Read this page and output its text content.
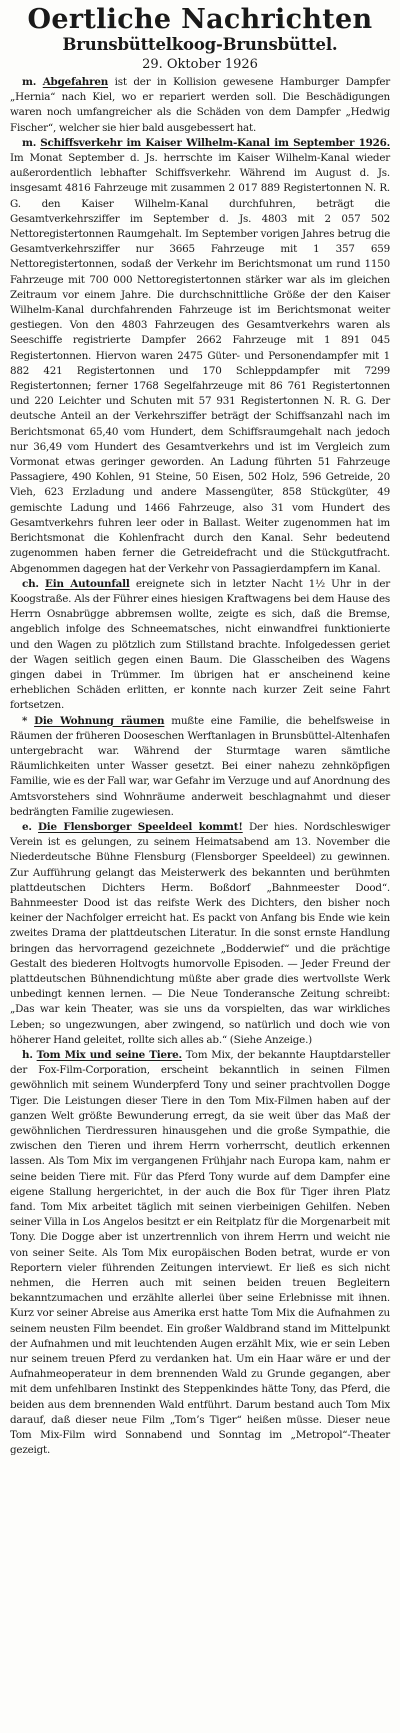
Oertliche Nachrichten
Brunsbüttelkoog-Brunsbüttel.
29. Oktober 1926

m. Abgefahren ist der in Kollision gewesene Hamburger Dampfer „Hernia“ nach Kiel, wo er repariert werden soll. Die Beschädigungen waren noch umfangreicher als die Schäden von dem Dampfer „Hedwig Fischer“, welcher sie hier bald ausgebessert hat.

m. Schiffsverkehr im Kaiser Wilhelm-Kanal im September 1926. Im Monat September d. Js. herrschte im Kaiser Wilhelm-Kanal wieder außerordentlich lebhafter Schiffsverkehr. Während im August d. Js. insgesamt 4816 Fahrzeuge mit zusammen 2 017 889 Registertonnen N. R. G. den Kaiser Wilhelm-Kanal durchfuhren, beträgt die Gesamtverkehrsziffer im September d. Js. 4803 mit 2 057 502 Nettoregistertonnen Raumgehalt. Im September vorigen Jahres betrug die Gesamtverkehrsziffer nur 3665 Fahrzeuge mit 1 357 659 Nettoregistertonnen, sodaß der Verkehr im Berichtsmonat um rund 1150 Fahrzeuge mit 700 000 Nettoregistertonnen stärker war als im gleichen Zeitraum vor einem Jahre. Die durchschnittliche Größe der den Kaiser Wilhelm-Kanal durchfahrenden Fahrzeuge ist im Berichtsmonat weiter gestiegen. Von den 4803 Fahrzeugen des Gesamtverkehrs waren als Seeschiffe registrierte Dampfer 2662 Fahrzeuge mit 1 891 045 Registertonnen. Hiervon waren 2475 Güter- und Personendampfer mit 1 882 421 Registertonnen und 170 Schleppdampfer mit 7299 Registertonnen; ferner 1768 Segelfahrzeuge mit 86 761 Registertonnen und 220 Leichter und Schuten mit 57 931 Registertonnen N. R. G. Der deutsche Anteil an der Verkehrsziffer beträgt der Schiffsanzahl nach im Berichtsmonat 65,40 vom Hundert, dem Schiffsraumgehalt nach jedoch nur 36,49 vom Hundert des Gesamtverkehrs und ist im Vergleich zum Vormonat etwas geringer geworden. An Ladung führten 51 Fahrzeuge Passagiere, 490 Kohlen, 91 Steine, 50 Eisen, 502 Holz, 596 Getreide, 20 Vieh, 623 Erzladung und andere Massengüter, 858 Stückgüter, 49 gemischte Ladung und 1466 Fahrzeuge, also 31 vom Hundert des Gesamtverkehrs fuhren leer oder in Ballast. Weiter zugenommen hat im Berichtsmonat die Kohlenfracht durch den Kanal. Sehr bedeutend zugenommen haben ferner die Getreidefracht und die Stückgutfracht. Abgenommen dagegen hat der Verkehr von Passagierdampfern im Kanal.

ch. Ein Autounfall ereignete sich in letzter Nacht 1½ Uhr in der Koogstraße. Als der Führer eines hiesigen Kraftwagens bei dem Hause des Herrn Osnabrügge abbremsen wollte, zeigte es sich, daß die Bremse, angeblich infolge des Schneematsches, nicht einwandfrei funktionierte und den Wagen zu plötzlich zum Stillstand brachte. Infolgedessen geriet der Wagen seitlich gegen einen Baum. Die Glasscheiben des Wagens gingen dabei in Trümmer. Im übrigen hat er anscheinend keine erheblichen Schäden erlitten, er konnte nach kurzer Zeit seine Fahrt fortsetzen.

* Die Wohnung räumen mußte eine Familie, die behelfsweise in Räumen der früheren Dooseschen Werftanlagen in Brunsbüttel-Altenhafen untergebracht war. Während der Sturmtage waren sämtliche Räumlichkeiten unter Wasser gesetzt. Bei einer nahezu zehnköpfigen Familie, wie es der Fall war, war Gefahr im Verzuge und auf Anordnung des Amtsvorstehers sind Wohnräume anderweit beschlagnahmt und dieser bedrängten Familie zugewiesen.

e. Die Flensborger Speeldeel kommt! Der hies. Nordschleswiger Verein ist es gelungen, zu seinem Heimatsabend am 13. November die Niederdeutsche Bühne Flensburg (Flensborger Speeldeel) zu gewinnen. Zur Aufführung gelangt das Meisterwerk des bekannten und berühmten plattdeutschen Dichters Herm. Boßdorf „Bahnmeester Dood“. Bahnmeester Dood ist das reifste Werk des Dichters, den bisher noch keiner der Nachfolger erreicht hat. Es packt von Anfang bis Ende wie kein zweites Drama der plattdeutschen Literatur. In die sonst ernste Handlung bringen das hervorragend gezeichnete „Bodderwief“ und die prächtige Gestalt des biederen Holtvogts humorvolle Episoden. — Jeder Freund der plattdeutschen Bühnendichtung müßte aber grade dies wertvollste Werk unbedingt kennen lernen. — Die Neue Tonderansche Zeitung schreibt: „Das war kein Theater, was sie uns da vorspielten, das war wirkliches Leben; so ungezwungen, aber zwingend, so natürlich und doch wie von höherer Hand geleitet, rollte sich alles ab.“ (Siehe Anzeige.)

h. Tom Mix und seine Tiere. Tom Mix, der bekannte Hauptdarsteller der Fox-Film-Corporation, erscheint bekanntlich in seinen Filmen gewöhnlich mit seinem Wunderpferd Tony und seiner prachtvollen Dogge Tiger. Die Leistungen dieser Tiere in den Tom Mix-Filmen haben auf der ganzen Welt größte Bewunderung erregt, da sie weit über das Maß der gewöhnlichen Tierdressuren hinausgehen und die große Sympathie, die zwischen den Tieren und ihrem Herrn vorherrscht, deutlich erkennen lassen. Als Tom Mix im vergangenen Frühjahr nach Europa kam, nahm er seine beiden Tiere mit. Für das Pferd Tony wurde auf dem Dampfer eine eigene Stallung hergerichtet, in der auch die Box für Tiger ihren Platz fand. Tom Mix arbeitet täglich mit seinen vierbeinigen Gehilfen. Neben seiner Villa in Los Angelos besitzt er ein Reitplatz für die Morgenarbeit mit Tony. Die Dogge aber ist unzertrennlich von ihrem Herrn und weicht nie von seiner Seite. Als Tom Mix europäischen Boden betrat, wurde er von Reportern vieler führenden Zeitungen interviewt. Er ließ es sich nicht nehmen, die Herren auch mit seinen beiden treuen Begleitern bekanntzumachen und erzählte allerlei über seine Erlebnisse mit ihnen. Kurz vor seiner Abreise aus Amerika erst hatte Tom Mix die Aufnahmen zu seinem neusten Film beendet. Ein großer Waldbrand stand im Mittelpunkt der Aufnahmen und mit leuchtenden Augen erzählt Mix, wie er sein Leben nur seinem treuen Pferd zu verdanken hat. Um ein Haar wäre er und der Aufnahmeoperateur in dem brennenden Wald zu Grunde gegangen, aber mit dem unfehlbaren Instinkt des Steppenkindes hätte Tony, das Pferd, die beiden aus dem brennenden Wald entführt. Darum bestand auch Tom Mix darauf, daß dieser neue Film „Tom’s Tiger“ heißen müsse. Dieser neue Tom Mix-Film wird Sonnabend und Sonntag im „Metropol“-Theater gezeigt.
